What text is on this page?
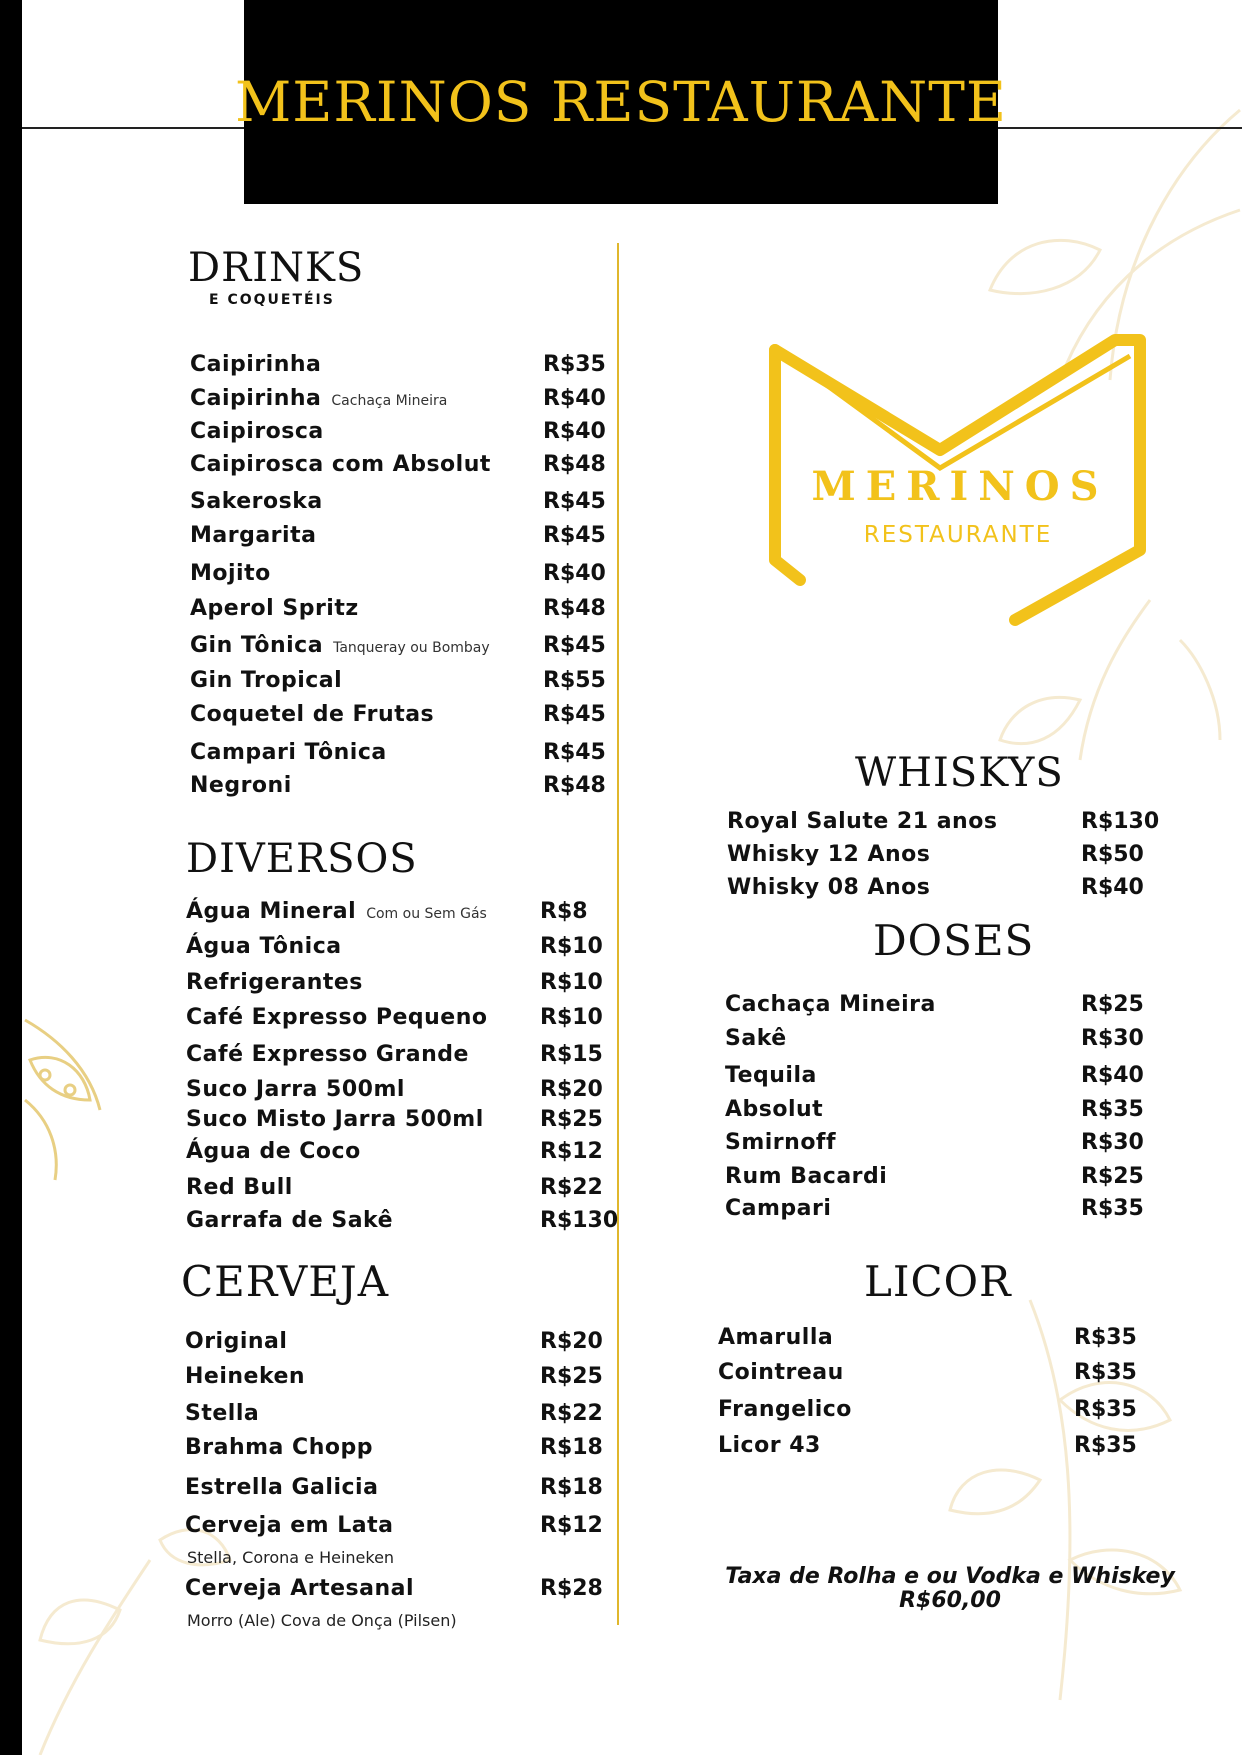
MERINOS RESTAURANTE
MERINOS
RESTAURANTE
DRINKS
E COQUETÉIS
Caipirinha	R$35
Caipirinha Cachaça Mineira	R$40
Caipirosca	R$40
Caipirosca com Absolut R$48
Sakeroska	R$45
Margarita	R$45
Mojito	R$40
Aperol Spritz	R$48
Gin Tônica Tanqueray ou Bombay R$45
Gin Tropical	R$55
Coquetel de Frutas	R$45
Campari Tônica	R$45
Negroni	R$48
DIVERSOS
Água Mineral Com ou Sem Gás R$8
Água Tônica	R$10
Refrigerantes	R$10
Café Expresso Pequeno R$10
Café Expresso Grande	R$15
Suco Jarra 500ml	R$20
Suco Misto Jarra 500ml	R$25
Água de Coco	R$12
Red Bull	R$22
Garrafa de Sakê	R$130
CERVEJA
Original	R$20
Heineken	R$25
Stella	R$22
Brahma Chopp	R$18
Estrella Galicia	R$18
Cerveja em Lata	R$12
Stella, Corona e Heineken
Cerveja Artesanal	R$28
Morro (Ale) Cova de Onça (Pilsen)
WHISKYS
Royal Salute 21 anos	R$130
Whisky 12 Anos	R$50
Whisky 08 Anos	R$40
DOSES
Cachaça Mineira	R$25
Sakê	R$30
Tequila	R$40
Absolut	R$35
Smirnoff	R$30
Rum Bacardi	R$25
Campari	R$35
LICOR
Amarulla	R$35
Cointreau	R$35
Frangelico	R$35
Licor 43	R$35
Taxa de Rolha e ou Vodka e Whiskey
R$60,00
